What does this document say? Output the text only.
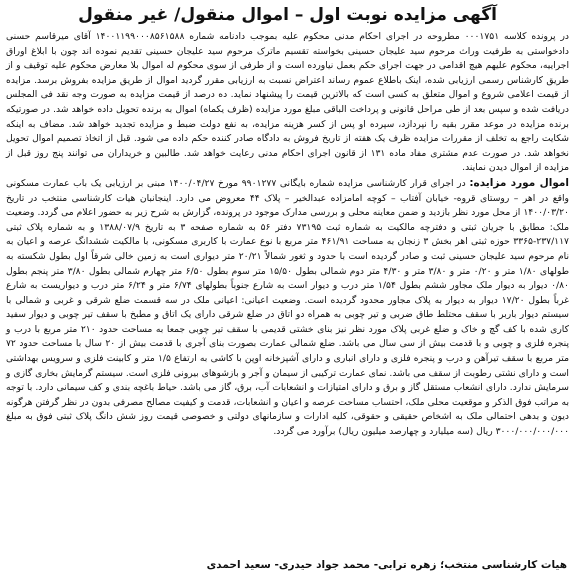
آگهی مزایده نوبت اول – اموال منقول/ غیر منقول

در پرونده کلاسه ۰۰۰۱۷۵۱ مطروحه در اجرای احکام مدنی محکوم علیه بموجب دادنامه شماره ۱۴۰۰۱۱۹۹۰۰۰۸۵۶۱۵۸۸ آقای میرقاسم حسنی دادخواستی به طرفیت وراث مرحوم سید علیجان حسینی بخواسته تقسیم ماترک مرحوم سید علیجان حسینی تقدیم نموده اند چون با ابلاغ اوراق اجراییه، محکوم علیهم هیچ اقدامی در جهت اجرای حکم بعمل نیاورده است و از طرفی از سوی محکوم له اموال بلا معارض محکوم علیه توقیف و از طریق کارشناس رسمی ارزیابی شده، اینک باطلاع عموم رساند اعتراض نسبت به ارزیابی مقرر گردید اموال از طریق مزایده بفروش برسد. مزایده از قیمت اعلامی شروع و اموال متعلق به کسی است که بالاترین قیمت را پیشنهاد نماید. ده درصد از قیمت مزایده به صورت وجه نقد فی المجلس دریافت شده و سپس بعد از طی مراحل قانونی و پرداخت الباقی مبلغ مورد مزایده (ظرف یکماه) اموال به برنده تحویل داده خواهد شد. در صورتیکه برنده مزایده در موعد مقرر بقیه را نپردازد، سپرده او پس از کسر هزینه مزایده، به نفع دولت ضبط و مزایده تجدید خواهد شد. مضاف به اینکه شکایت راجع به تخلف از مقررات مزایده ظرف یک هفته از تاریخ فروش به دادگاه صادر کننده حکم داده می شود. قبل از اتخاذ تصمیم اموال تحویل نخواهد شد. در صورت عدم مشتری مفاد ماده ۱۳۱ از قانون اجرای احکام مدنی رعایت خواهد شد. طالبین و خریداران می توانند پنج روز قبل از مزایده از اموال دیدن نمایند.

اموال مورد مزایده: در اجرای قرار کارشناسی مزایده شماره بایگانی ۹۹۰۱۲۷۷ مورخ ۱۴۰۰/۰۴/۲۷ مبنی بر ارزیابی یک باب عمارت مسکونی واقع در اهر – روستای قروه- خیابان آفتاب – کوچه امامزاده عبدالخیر – پلاک ۴۴ معروض می دارد. اینجانبان هیات کارشناسی منتخب در تاریخ ۱۴۰۰/۰۳/۲۰ از محل مورد نظر بازدید و ضمن معاینه محلی و بررسی مدارک موجود در پرونده، گزارش به شرح زیر به حضور اعلام می گردد. وضعیت ملک: مطابق با جریان ثبتی و دفترچه مالکیت به شماره ثبت ۷۳۱۹۵ دفتر ۵۶ به شماره صفحه ۳ به تاریخ ۱۳۸۸/۰۷/۹ و به شماره پلاک ثبتی ۲۳۷/۱۱۷-۳۳۶۵ حوزه ثبتی اهر بخش ۳ زنجان به مساحت ۴۶۱/۹۱ متر مربع با نوع عمارت با کاربری مسکونی، با مالکیت ششدانگ عرصه و اعیان به نام مرحوم سید علیجان حسینی ثبت و صادر گردیده است با حدود و ثغور شمالاً ۲۰/۲۱ متر دیواری است به زمین خالی شرقاً اول بطول شکسته به طولهای ۱/۸۰ متر و ۰/۲۰ متر و ۳/۸۰ متر و ۴/۳۰ متر دوم شمالی بطول ۱۵/۵۰ متر سوم بطول ۶/۵۰ متر چهارم شمالی بطول ۳/۸۰ متر پنجم بطول ۰/۸۰ دیوار به دیوار ملک مجاور ششم بطول ۱/۵۴ متر درب و دیوار است به شارع جنوباً بطولهای ۶/۷۴ متر و ۶/۲۴ متر درب و دیواریست به شارع غرباً بطول ۱۷/۲۰ دیوار به دیوار به پلاک مجاور محدود گردیده است. وضعیت اعیانی: اعیانی ملک در سه قسمت ضلع شرقی و غربی و شمالی با سیستم دیوار باربر با سقف محتلط طاق ضربی و تیر چوبی به همراه دو اتاق در ضلع شرقی دارای یک اتاق و مطبخ با سقف تیر چوبی و دیوار سفید کاری شده با کف گچ و خاک و ضلع غربی پلاک مورد نظر نیز بنای خشتی قدیمی با سقف تیر چوبی جمعا به مساحت حدود ۲۱۰ متر مربع با درب و پنجره فلزی و چوبی و با قدمت بیش از سی سال می باشد. ضلع شمالی عمارت بصورت بنای آجری با قدمت بیش از ۲۰ سال با مساحت حدود ۷۲ متر مربع با سقف تیرآهن و درب و پنجره فلزی و دارای انباری و دارای آشپزخانه اوپن با کاشی به ارتفاع ۱/۵ متر و کابینت فلزی و سرویس بهداشتی است و دارای نشتی رطوبت از سقف می باشد. نمای عمارت ترکیبی از سیمان و آجر و بازشوهای بیرونی فلزی است. سیستم گرمایش بخاری گازی و سرمایش ندارد. دارای انشعاب مستقل گاز و برق و دارای امتیازات و انشعابات آب، برق، گاز می باشد. حیاط باغچه بندی و کف سیمانی دارد. با توجه به مراتب فوق الذکر و موقعیت محلی ملک، احتساب مساحت عرصه و اعیان و انشعابات، قدمت و کیفیت مصالح مصرفی بدون در نظر گرفتن هرگونه دیون و بدهی احتمالی ملک به اشخاص حقیقی و حقوقی، کلیه ادارات و سازمانهای دولتی و خصوصی قیمت روز شش دانگ پلاک ثبتی فوق به مبلغ ۳۰۰۰/۰۰۰/۰۰۰/۰۰۰ ریال (سه میلیارد و چهارصد میلیون ریال) برآورد می گردد.

هیات کارشناسی منتخب؛ زهره ترابی- محمد جواد حیدری- سعید احمدی
